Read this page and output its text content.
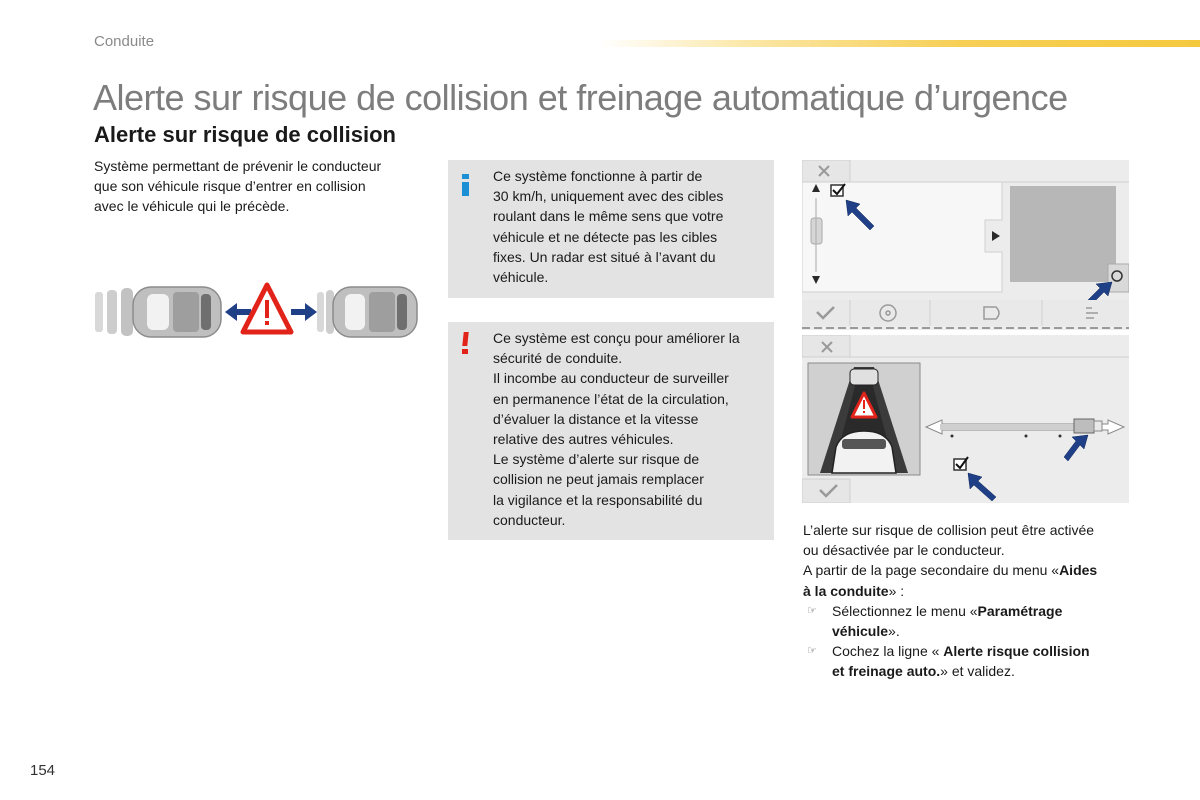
Conduite
Alerte sur risque de collision et freinage automatique d’urgence
Alerte sur risque de collision
Système permettant de prévenir le conducteur
que son véhicule risque d’entrer en collision
avec le véhicule qui le précède.
Ce système fonctionne à partir de
30 km/h, uniquement avec des cibles
roulant dans le même sens que votre
véhicule et ne détecte pas les cibles
fixes. Un radar est situé à l’avant du
véhicule.
Ce système est conçu pour améliorer la
sécurité de conduite.
Il incombe au conducteur de surveiller
en permanence l’état de la circulation,
d’évaluer la distance et la vitesse
relative des autres véhicules.
Le système d’alerte sur risque de
collision ne peut jamais remplacer
la vigilance et la responsabilité du
conducteur.
L’alerte sur risque de collision peut être activée
ou désactivée par le conducteur.
A partir de la page secondaire du menu «Aides
à la conduite» :
☞ Sélectionnez le menu «Paramétrage
véhicule».
☞ Cochez la ligne « Alerte risque collision
et freinage auto.» et validez.
154
